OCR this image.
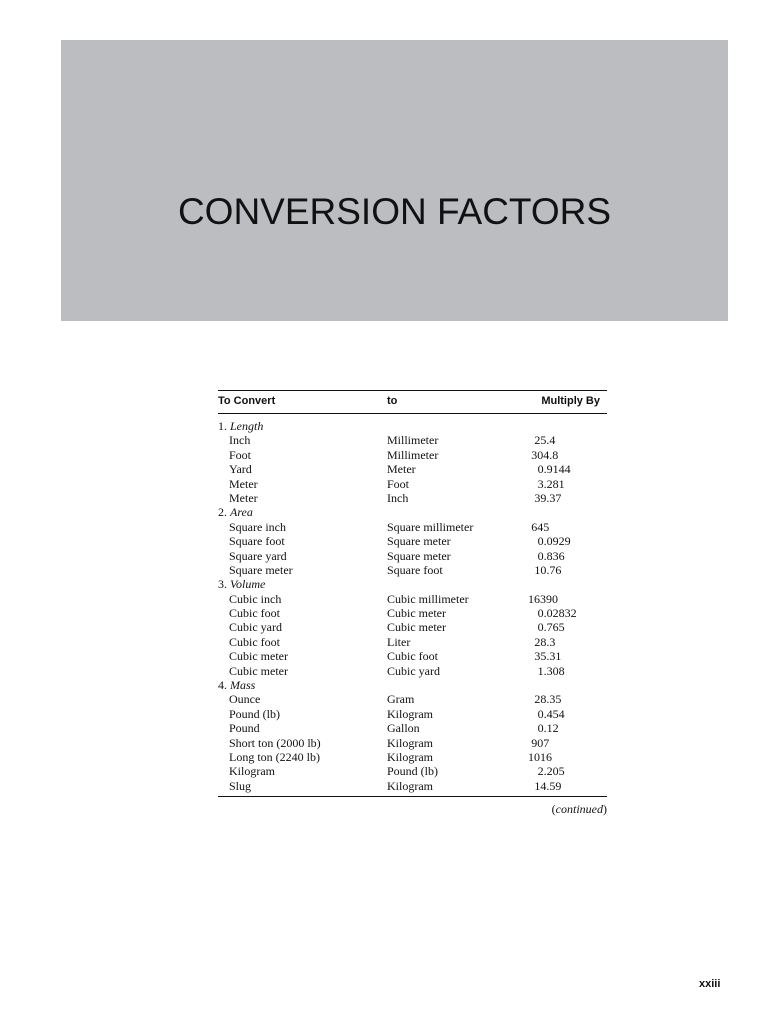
CONVERSION FACTORS
To Convert	to	Multiply By
1. Length
Inch	Millimeter	25.4
Foot	Millimeter	304.8
Yard	Meter	0.9144
Meter	Foot	3.281
Meter	Inch	39.37
2. Area
Square inch	Square millimeter	645
Square foot	Square meter	0.0929
Square yard	Square meter	0.836
Square meter	Square foot	10.76
3. Volume
Cubic inch	Cubic millimeter	16390
Cubic foot	Cubic meter	0.02832
Cubic yard	Cubic meter	0.765
Cubic foot	Liter	28.3
Cubic meter	Cubic foot	35.31
Cubic meter	Cubic yard	1.308
4. Mass
Ounce	Gram	28.35
Pound (lb)	Kilogram	0.454
Pound	Gallon	0.12
Short ton (2000 lb)	Kilogram	907
Long ton (2240 lb)	Kilogram	1016
Kilogram	Pound (lb)	2.205
Slug	Kilogram	14.59
(continued)
xxiii
